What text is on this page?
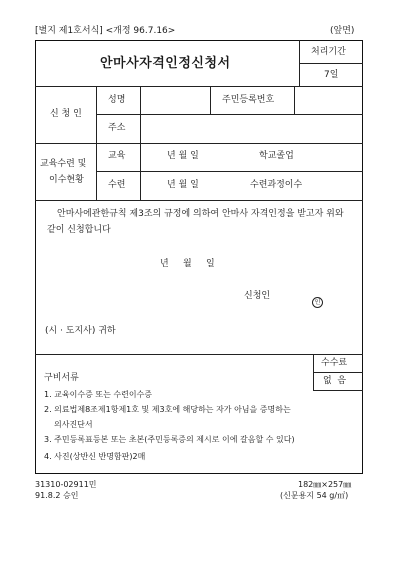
[별지 제1호서식] <개정 96.7.16>	(앞면)
안마사자격인정신청서
처리기간
7일
신 청 인
성명	주민등록번호
주소
교육수련 및
이수현황
교육	년 월 일	학교졸업
수련	년 월 일	수련과정이수
안마사에관한규칙 제3조의 규정에 의하여 안마사 자격인정을 받고자 위와 같이 신청합니다
년     월     일
신청인
인
(시 · 도지사) 귀하
수수료
없  음
구비서류
1. 교육이수증 또는 수련이수증
2. 의료법제8조제1항제1호 및 제3호에 해당하는 자가 아님을 증명하는
의사진단서
3. 주민등록표등본 또는 초본(주민등록증의 제시로 이에 갈음할 수 있다)
4. 사진(상반신 반명함판)2매
31310-02911민
91.8.2 승인
182㎜×257㎜
(신문용지 54 g/㎡)
